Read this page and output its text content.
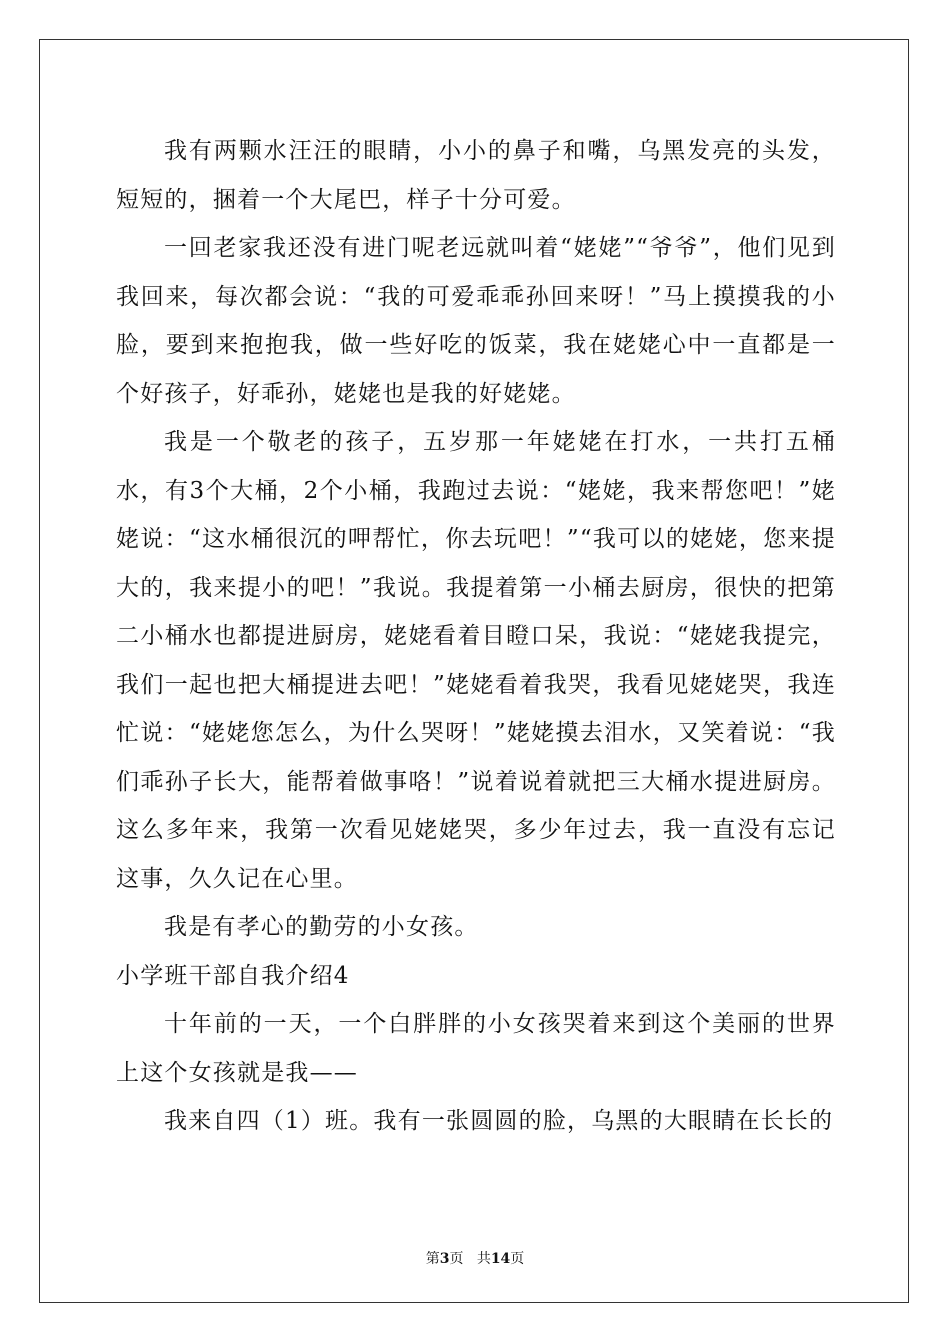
我有两颗水汪汪的眼睛，小小的鼻子和嘴，乌黑发亮的头发，短短的，捆着一个大尾巴，样子十分可爱。

一回老家我还没有进门呢老远就叫着“姥姥”“爷爷”，他们见到我回来，每次都会说：“我的可爱乖乖孙回来呀！”马上摸摸我的小脸，要到来抱抱我，做一些好吃的饭菜，我在姥姥心中一直都是一个好孩子，好乖孙，姥姥也是我的好姥姥。

我是一个敬老的孩子，五岁那一年姥姥在打水，一共打五桶水，有3个大桶，2个小桶，我跑过去说：“姥姥，我来帮您吧！”姥姥说：“这水桶很沉的呷帮忙，你去玩吧！”“我可以的姥姥，您来提大的，我来提小的吧！”我说。我提着第一小桶去厨房，很快的把第二小桶水也都提进厨房，姥姥看着目瞪口呆，我说：“姥姥我提完，我们一起也把大桶提进去吧！”姥姥看着我哭，我看见姥姥哭，我连忙说：“姥姥您怎么，为什么哭呀！”姥姥摸去泪水，又笑着说：“我们乖孙子长大，能帮着做事咯！”说着说着就把三大桶水提进厨房。这么多年来，我第一次看见姥姥哭，多少年过去，我一直没有忘记这事，久久记在心里。

我是有孝心的勤劳的小女孩。

小学班干部自我介绍4

十年前的一天，一个白胖胖的小女孩哭着来到这个美丽的世界上这个女孩就是我——

我来自四（1）班。我有一张圆圆的脸，乌黑的大眼睛在长长的

第3页 共14页
